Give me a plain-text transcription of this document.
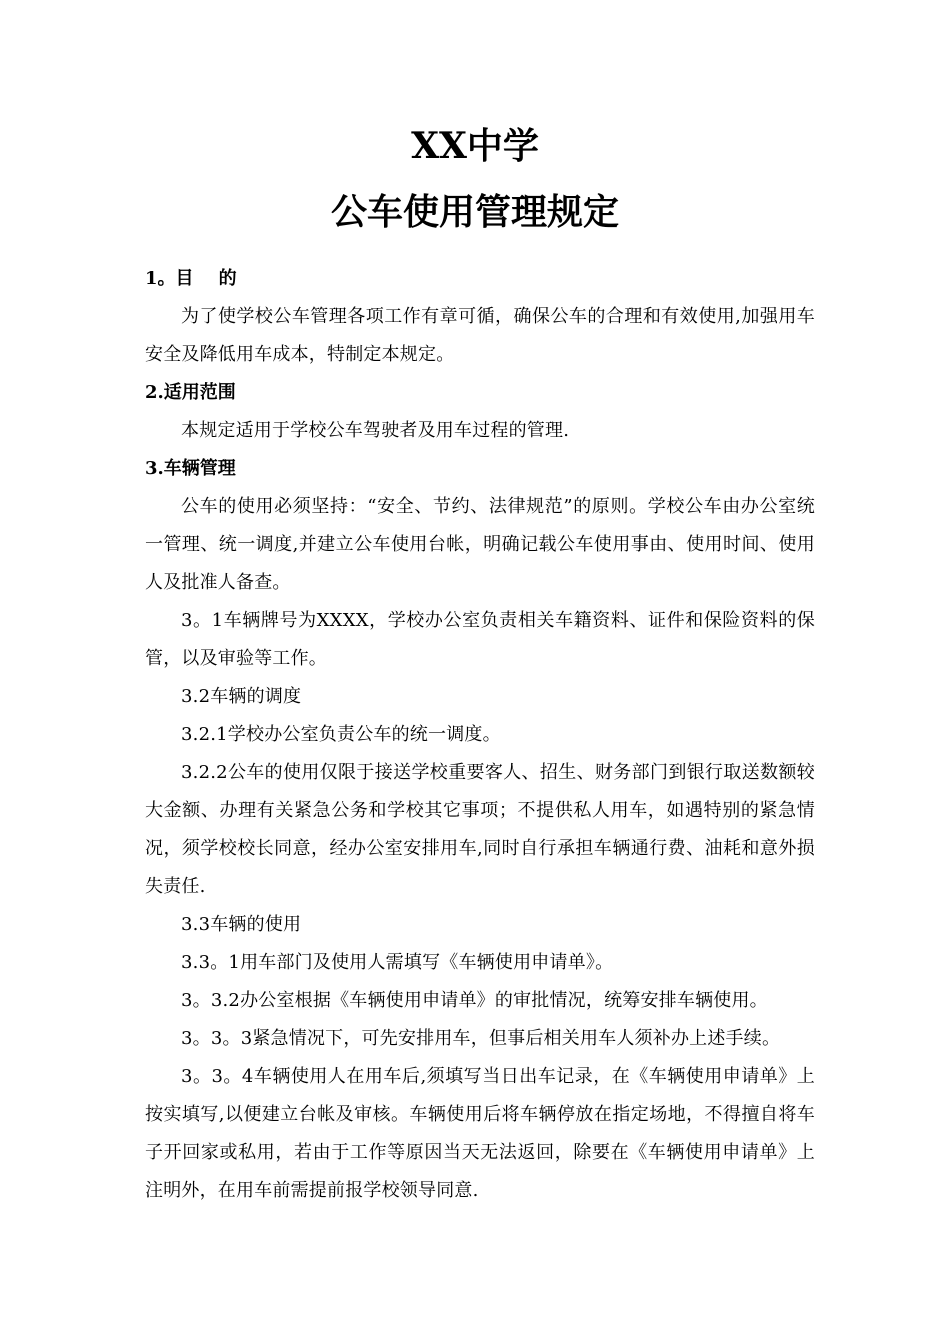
XX中学
公车使用管理规定

1。目    的

为了使学校公车管理各项工作有章可循，确保公车的合理和有效使用,加强用车安全及降低用车成本，特制定本规定。

2.适用范围

本规定适用于学校公车驾驶者及用车过程的管理.

3.车辆管理

公车的使用必须坚持：“安全、节约、法律规范”的原则。学校公车由办公室统一管理、统一调度,并建立公车使用台帐，明确记载公车使用事由、使用时间、使用人及批准人备查。

3。1车辆牌号为XXXX，学校办公室负责相关车籍资料、证件和保险资料的保管，以及审验等工作。

3.2车辆的调度

3.2.1学校办公室负责公车的统一调度。

3.2.2公车的使用仅限于接送学校重要客人、招生、财务部门到银行取送数额较大金额、办理有关紧急公务和学校其它事项；不提供私人用车，如遇特别的紧急情况，须学校校长同意，经办公室安排用车,同时自行承担车辆通行费、油耗和意外损失责任.

3.3车辆的使用

3.3。1用车部门及使用人需填写《车辆使用申请单》。

3。3.2办公室根据《车辆使用申请单》的审批情况，统筹安排车辆使用。

3。3。3紧急情况下，可先安排用车，但事后相关用车人须补办上述手续。

3。3。4车辆使用人在用车后,须填写当日出车记录，在《车辆使用申请单》上按实填写,以便建立台帐及审核。车辆使用后将车辆停放在指定场地，不得擅自将车子开回家或私用，若由于工作等原因当天无法返回，除要在《车辆使用申请单》上注明外，在用车前需提前报学校领导同意.
